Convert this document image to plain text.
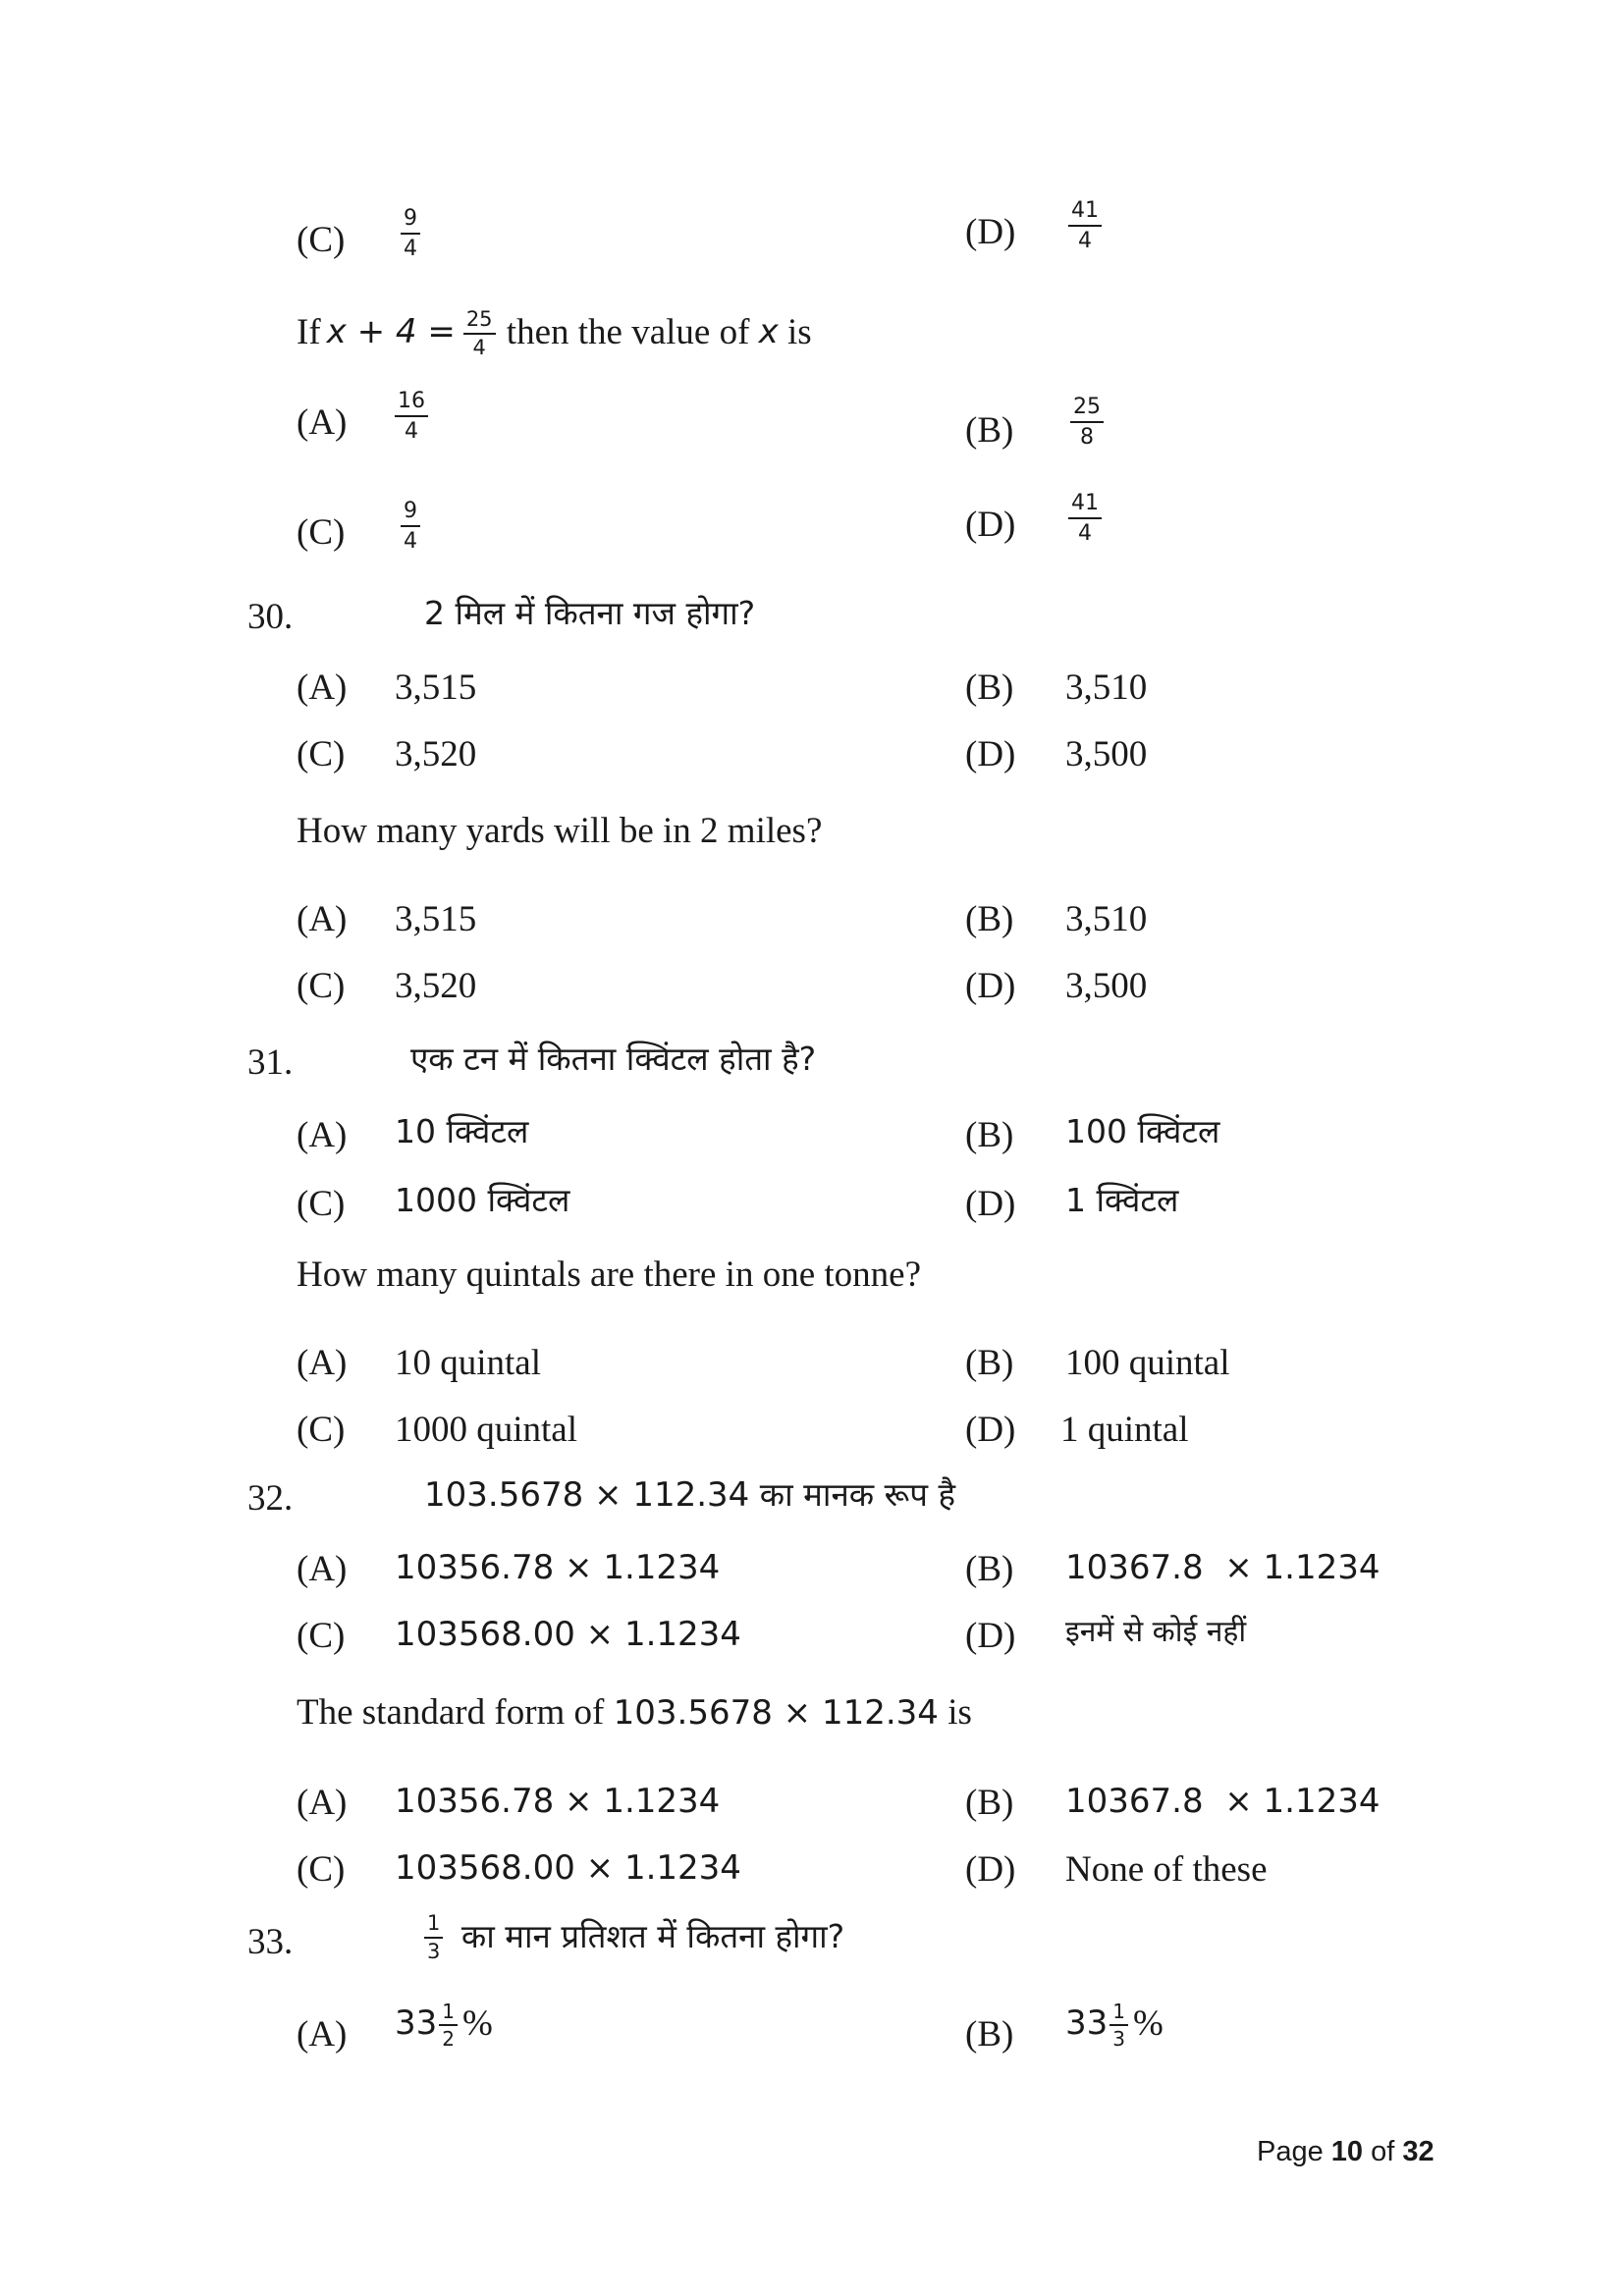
(C)	$\frac{9}{4}$	$(D) \frac{41}{4}$
If $x + 4 = \frac{25}{4}$ then the value of x is
$(A) \frac{16}{4}$	(B)	$\frac{25}{8}$
(C)	$\frac{9}{4}$	$(D) \frac{41}{4}$
30.	2 मिल में कितना गज होगा?
(A) 3,515	(B) 3,510
(C) 3,520	(D) 3,500
How many yards will be in 2 miles?
(A) 3,515	(B) 3,510
(C) 3,520	(D) 3,500
31.	एक टन में कितना क्विंटल होता है?
(A) 10 क्विंटल	(B) 100 क्विंटल
(C) 1000 क्विंटल	(D) 1 क्विंटल
How many quintals are there in one tonne?
(A) 10 quintal	(B) 100 quintal
(C) 1000 quintal	(D) 1 quintal
32.	103.5678 × 112.34 का मानक रूप है
(A) 10356.78 × 1.1234	(B) 10367.8  × 1.1234
(C) 103568.00 × 1.1234	(D) इनमें से कोई नहीं
The standard form of 103.5678 × 112.34 is
(A) 10356.78 × 1.1234	(B) 10367.8  × 1.1234
(C) 103568.00 × 1.1234	(D) None of these
33.	$\frac{1}{3}$ का मान प्रतिशत में कितना होगा?
(A) $33 \frac{1}{2}$ %	(B) $33 \frac{1}{3}$ %
Page 10 of 32
